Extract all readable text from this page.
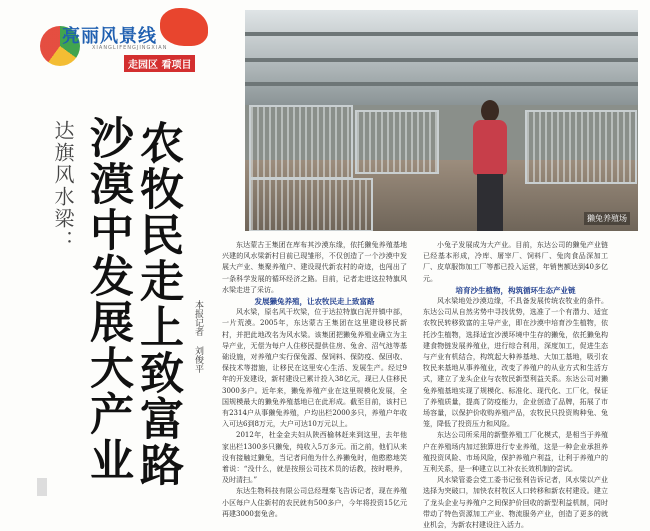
亮丽风景线
XIANGLIFENGJINGXIAN
走园区 看项目
农牧民走上致富路
沙漠中发展大产业
达旗风水梁：
本报记者 刘俊平
獭兔养殖场

东达蒙古王集团在库布其沙漠东缘，依托獭兔养殖基地兴建的风水梁新村目前已现雏形，不仅创造了一个沙漠中发展大产业、集聚养殖户、建设现代新农村的奇迹，也闯出了一条科学发展的循环经济之路。目前，记者走进这拉特旗风水梁走进了采访。

发展獭兔养殖，让农牧民走上致富路

风水梁，原名风干坎梁，位于达拉特旗白泥井镇中部，一片荒漠。2005年，东达蒙古王集团在这里建设移民新村，并把此地改名为风水梁。该集团把獭兔养殖业确立为主导产业，无偿为每户人住移民提供住房、兔舍、沼气池等基础设施，对养殖户实行保兔源、保饲料、保防疫、保回收、保技术等措施，让移民在这里安心生活、发展生产。经过9年的开发建设，新村建设已累计投入38亿元，现已人住移民3000多户。近年来，獭兔养殖产业在这里规模化发展，全国规模最大的獭兔养殖基地已在此形成。截至目前，该村已有2314户从事獭兔养殖，户均出栏2000多只，养殖户年收入可达6到8万元，大户可达10万元以上。

2012年，杜金金夫妇从陕西榆林赶来到这里，去年他家出栏1300多只獭兔，纯收入5万多元。而之前，他们从来没有接触过獭兔，当记者问他为什么养獭兔时，他憨憨地笑着说：“没什么，就是按照公司技术员的话教，按时喂养，及时清扫。”

东达生物科技有限公司总经理秦飞告诉记者，现在养殖小区每户人住新村的农民就有500多户，今年将投资15亿元再建3000套兔舍。

小兔子发展成为大产业。目前，东达公司的獭兔产业链已经基本形成，冷库、屠宰厂、饲料厂、兔肉食品深加工厂、皮草服饰加工厂等都已投入运营，年销售额达到40多亿元。

培育沙生植物，构筑循环生态产业链

风水梁地处沙漠边缘，不具备发展传统农牧业的条件。东达公司从自然劣势中寻找优势，选准了一个有潜力、适宜农牧民转移致富的主导产业，即在沙漠中培育沙生植物，依托沙生植物，选择适宜沙漠环境中生存的獭兔，依托獭兔构建食物链发展养殖业，进行综合利用，深度加工，促进生态与产业有机结合，构筑起大种养基地、大加工基地，吸引农牧民来基地从事养殖业，改变了养殖户的从业方式和生活方式，建立了龙头企业与农牧民新型利益关系。东达公司对獭兔养殖基地实现了规模化、标准化、现代化、工厂化，保证了养殖质量，提高了防疫能力，企业创造了品牌，拓展了市场容量，以保护价收购养殖产品，农牧民只投资购种兔、兔笼，降低了投资压力和风险。

东达公司所采用的新整养殖工厂化模式，是相当于养殖户在养殖场内加过独算进行专业养殖，这是一种企业承担养殖投资风险、市场风险，保护养殖户利益，让利于养殖户的互利关系，是一种建立以工补农长效机制的尝试。

风水梁管委会党工委书记张利告诉记者，风水梁以产业选择为突破口，加快农村牧区人口转移和新农村建设。建立了龙头企业与养殖户之间保护价回收的新型利益机制，同时带动了特色资源加工产业、物流服务产业，创造了更多的就业机会，为新农村建设注入活力。
